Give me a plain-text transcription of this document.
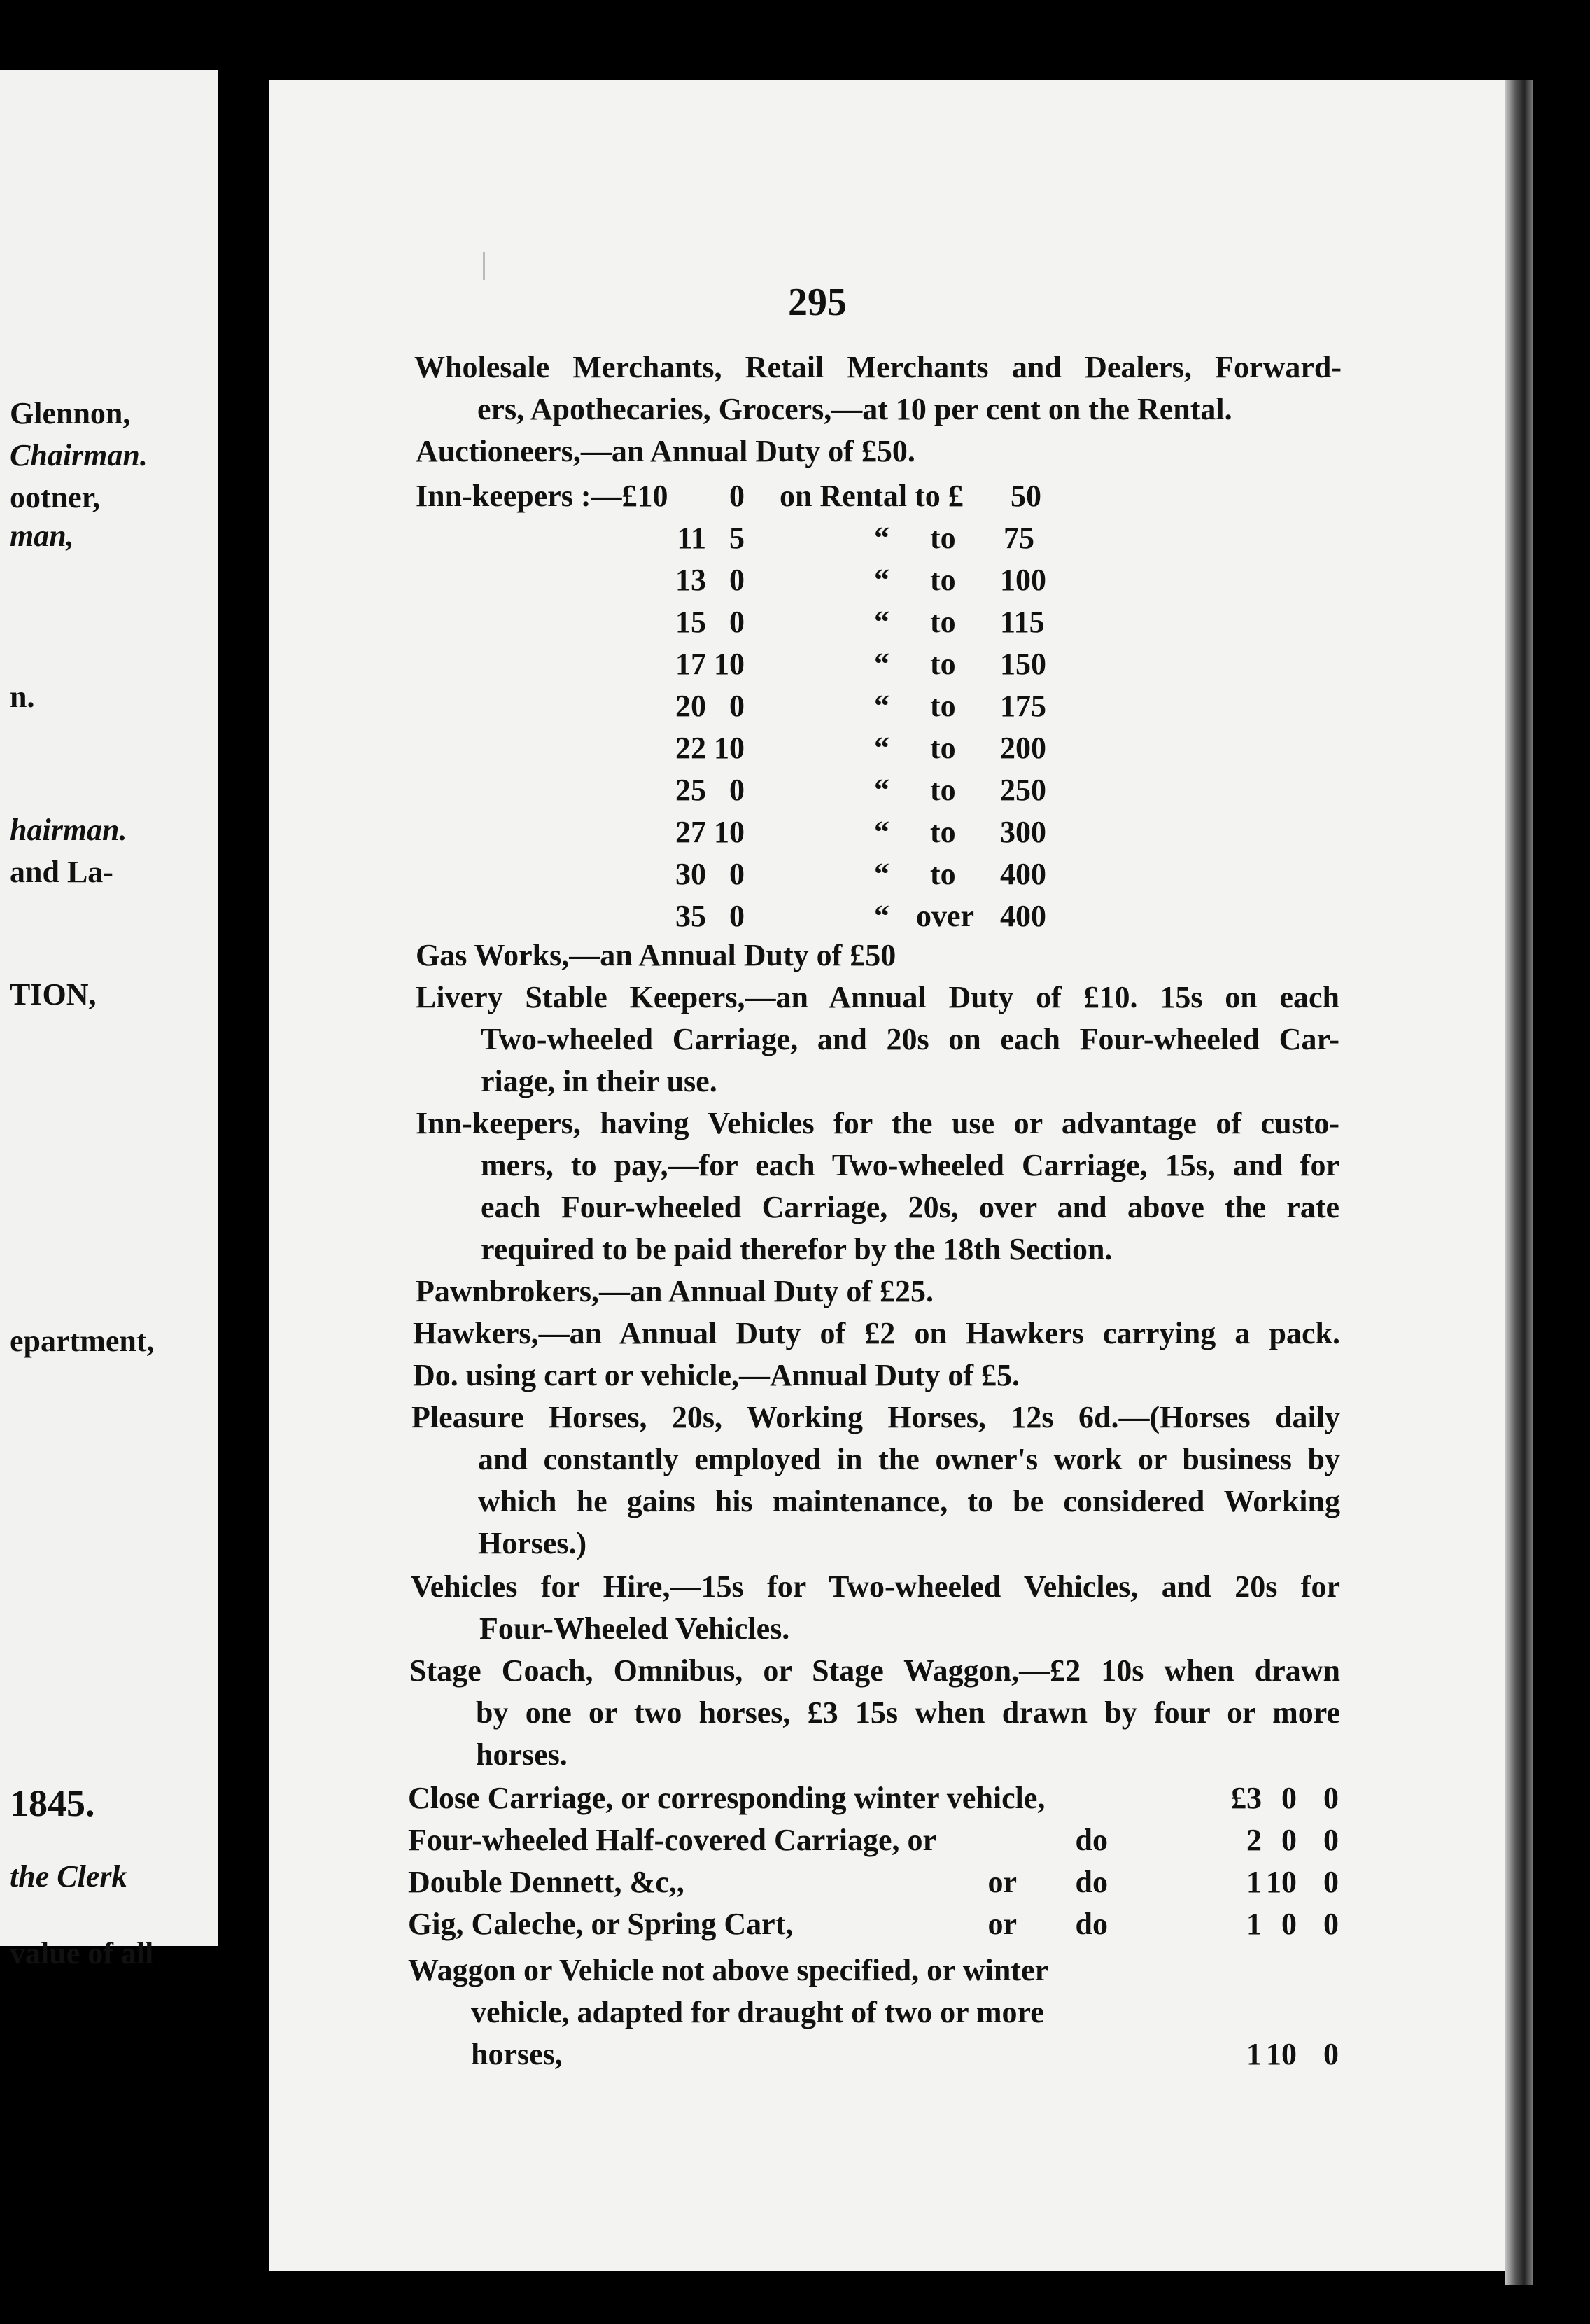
Glennon,
Chairman.
ootner,
man,
n.
hairman.
and La-
TION,
epartment,
1845.
the Clerk
value of all
295
Wholesale Merchants, Retail Merchants and Dealers, Forward-
ers, Apothecaries, Grocers,—at 10 per cent on the Rental.
Auctioneers,—an Annual Duty of £50.
Inn-keepers :—£10	0 on Rental to £ 50
11 5	“ to 75
13 0	“ to 100
15 0	“ to 115
17 10	“ to 150
20 0	“ to 175
22 10	“ to 200
25 0	“ to 250
27 10	“ to 300
30 0	“ to 400
35 0	“ over 400
Gas Works,—an Annual Duty of £50
Livery Stable Keepers,—an Annual Duty of £10. 15s on each
Two-wheeled Carriage, and 20s on each Four-wheeled Car-
riage, in their use.
Inn-keepers, having Vehicles for the use or advantage of custo-
mers, to pay,—for each Two-wheeled Carriage, 15s, and for
each Four-wheeled Carriage, 20s, over and above the rate
required to be paid therefor by the 18th Section.
Pawnbrokers,—an Annual Duty of £25.
Hawkers,—an Annual Duty of £2 on Hawkers carrying a pack.
Do. using cart or vehicle,—Annual Duty of £5.
Pleasure Horses, 20s, Working Horses, 12s 6d.—(Horses daily
and constantly employed in the owner's work or business by
which he gains his maintenance, to be considered Working
Horses.)
Vehicles for Hire,—15s for Two-wheeled Vehicles, and 20s for
Four-Wheeled Vehicles.
Stage Coach, Omnibus, or Stage Waggon,—£2 10s when drawn
by one or two horses, £3 15s when drawn by four or more
horses.
Close Carriage, or corresponding winter vehicle,	£3 0 0
Four-wheeled Half-covered Carriage, or	do	2 0 0
Double Dennett, &c,,	or	do	1 10 0
Gig, Caleche, or Spring Cart,	or	do	1 0 0
Waggon or Vehicle not above specified, or winter
vehicle, adapted for draught of two or more
horses,	1 10 0
